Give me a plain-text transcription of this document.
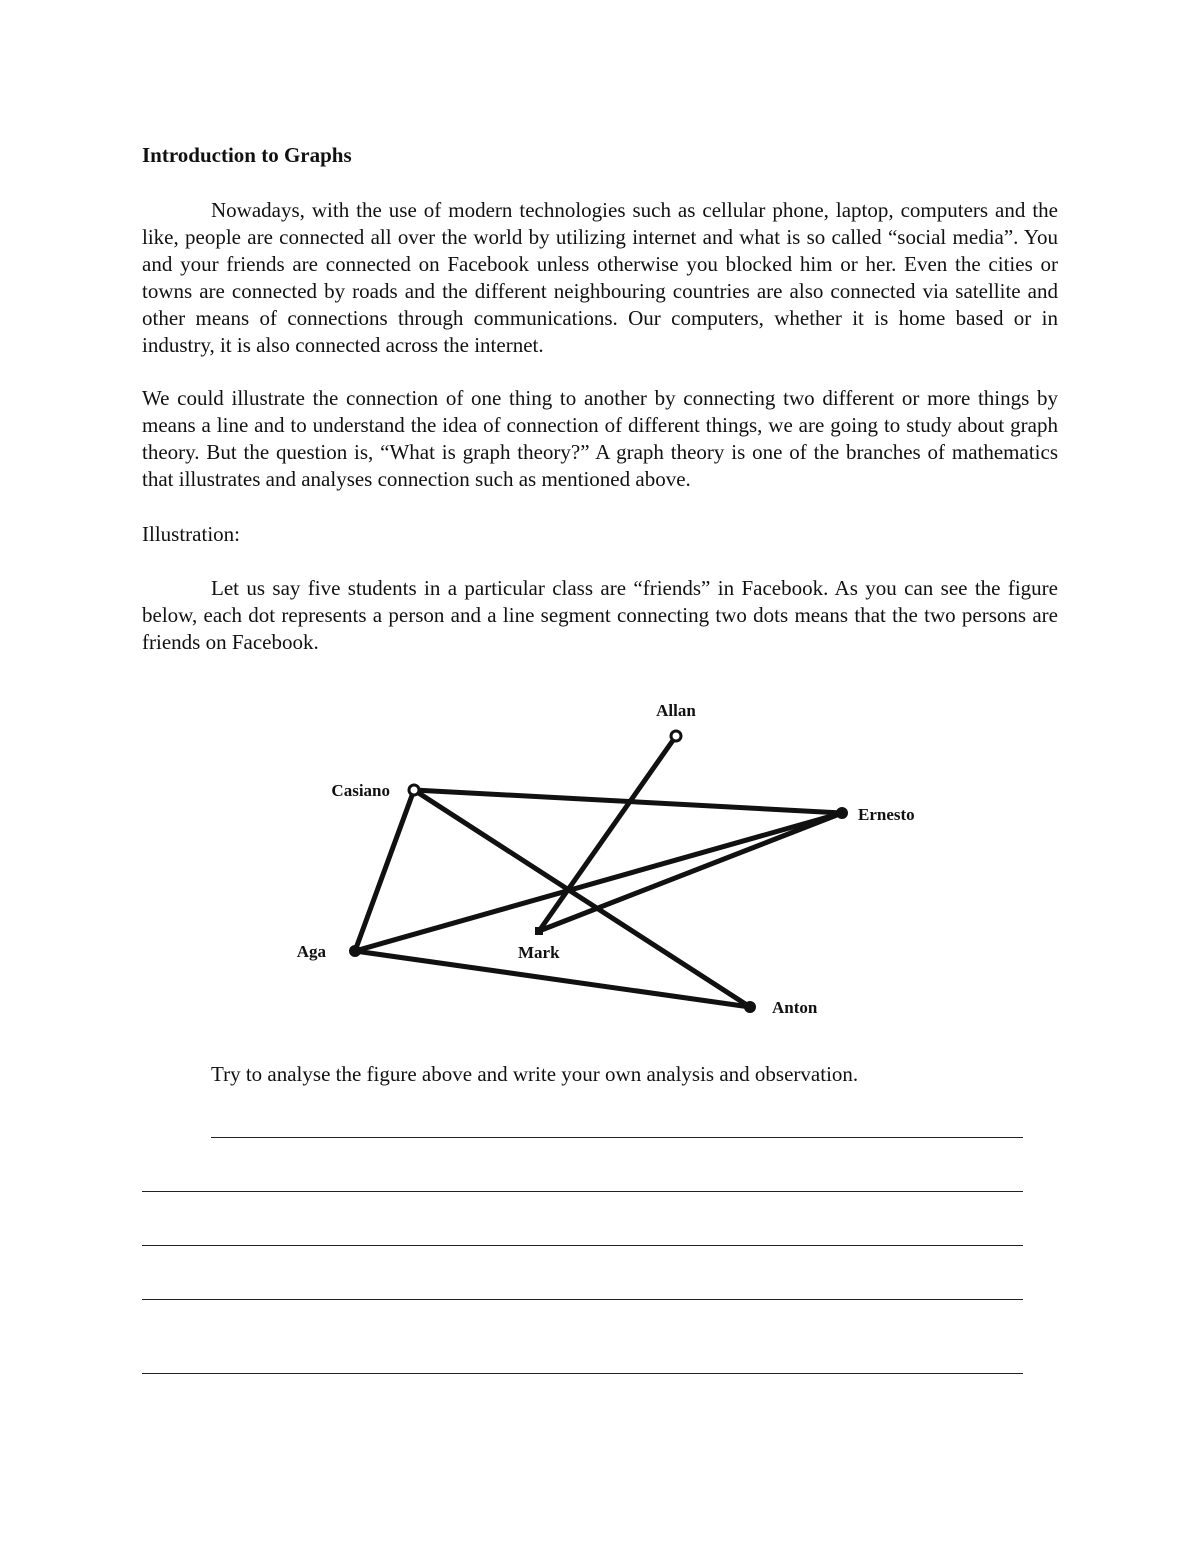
Introduction to Graphs

Nowadays, with the use of modern technologies such as cellular phone, laptop, computers and the like, people are connected all over the world by utilizing internet and what is so called “social media”. You and your friends are connected on Facebook unless otherwise you blocked him or her. Even the cities or towns are connected by roads and the different neighbouring countries are also connected via satellite and other means of connections through communications. Our computers, whether it is home based or in industry, it is also connected across the internet.

We could illustrate the connection of one thing to another by connecting two different or more things by means a line and to understand the idea of connection of different things, we are going to study about graph theory. But the question is, “What is graph theory?” A graph theory is one of the branches of mathematics that illustrates and analyses connection such as mentioned above.

Illustration:

Let us say five students in a particular class are “friends” in Facebook. As you can see the figure below, each dot represents a person and a line segment connecting two dots means that the two persons are friends on Facebook.

Allan
Casiano
Ernesto
Aga	Mark
Anton

Try to analyse the figure above and write your own analysis and observation.
